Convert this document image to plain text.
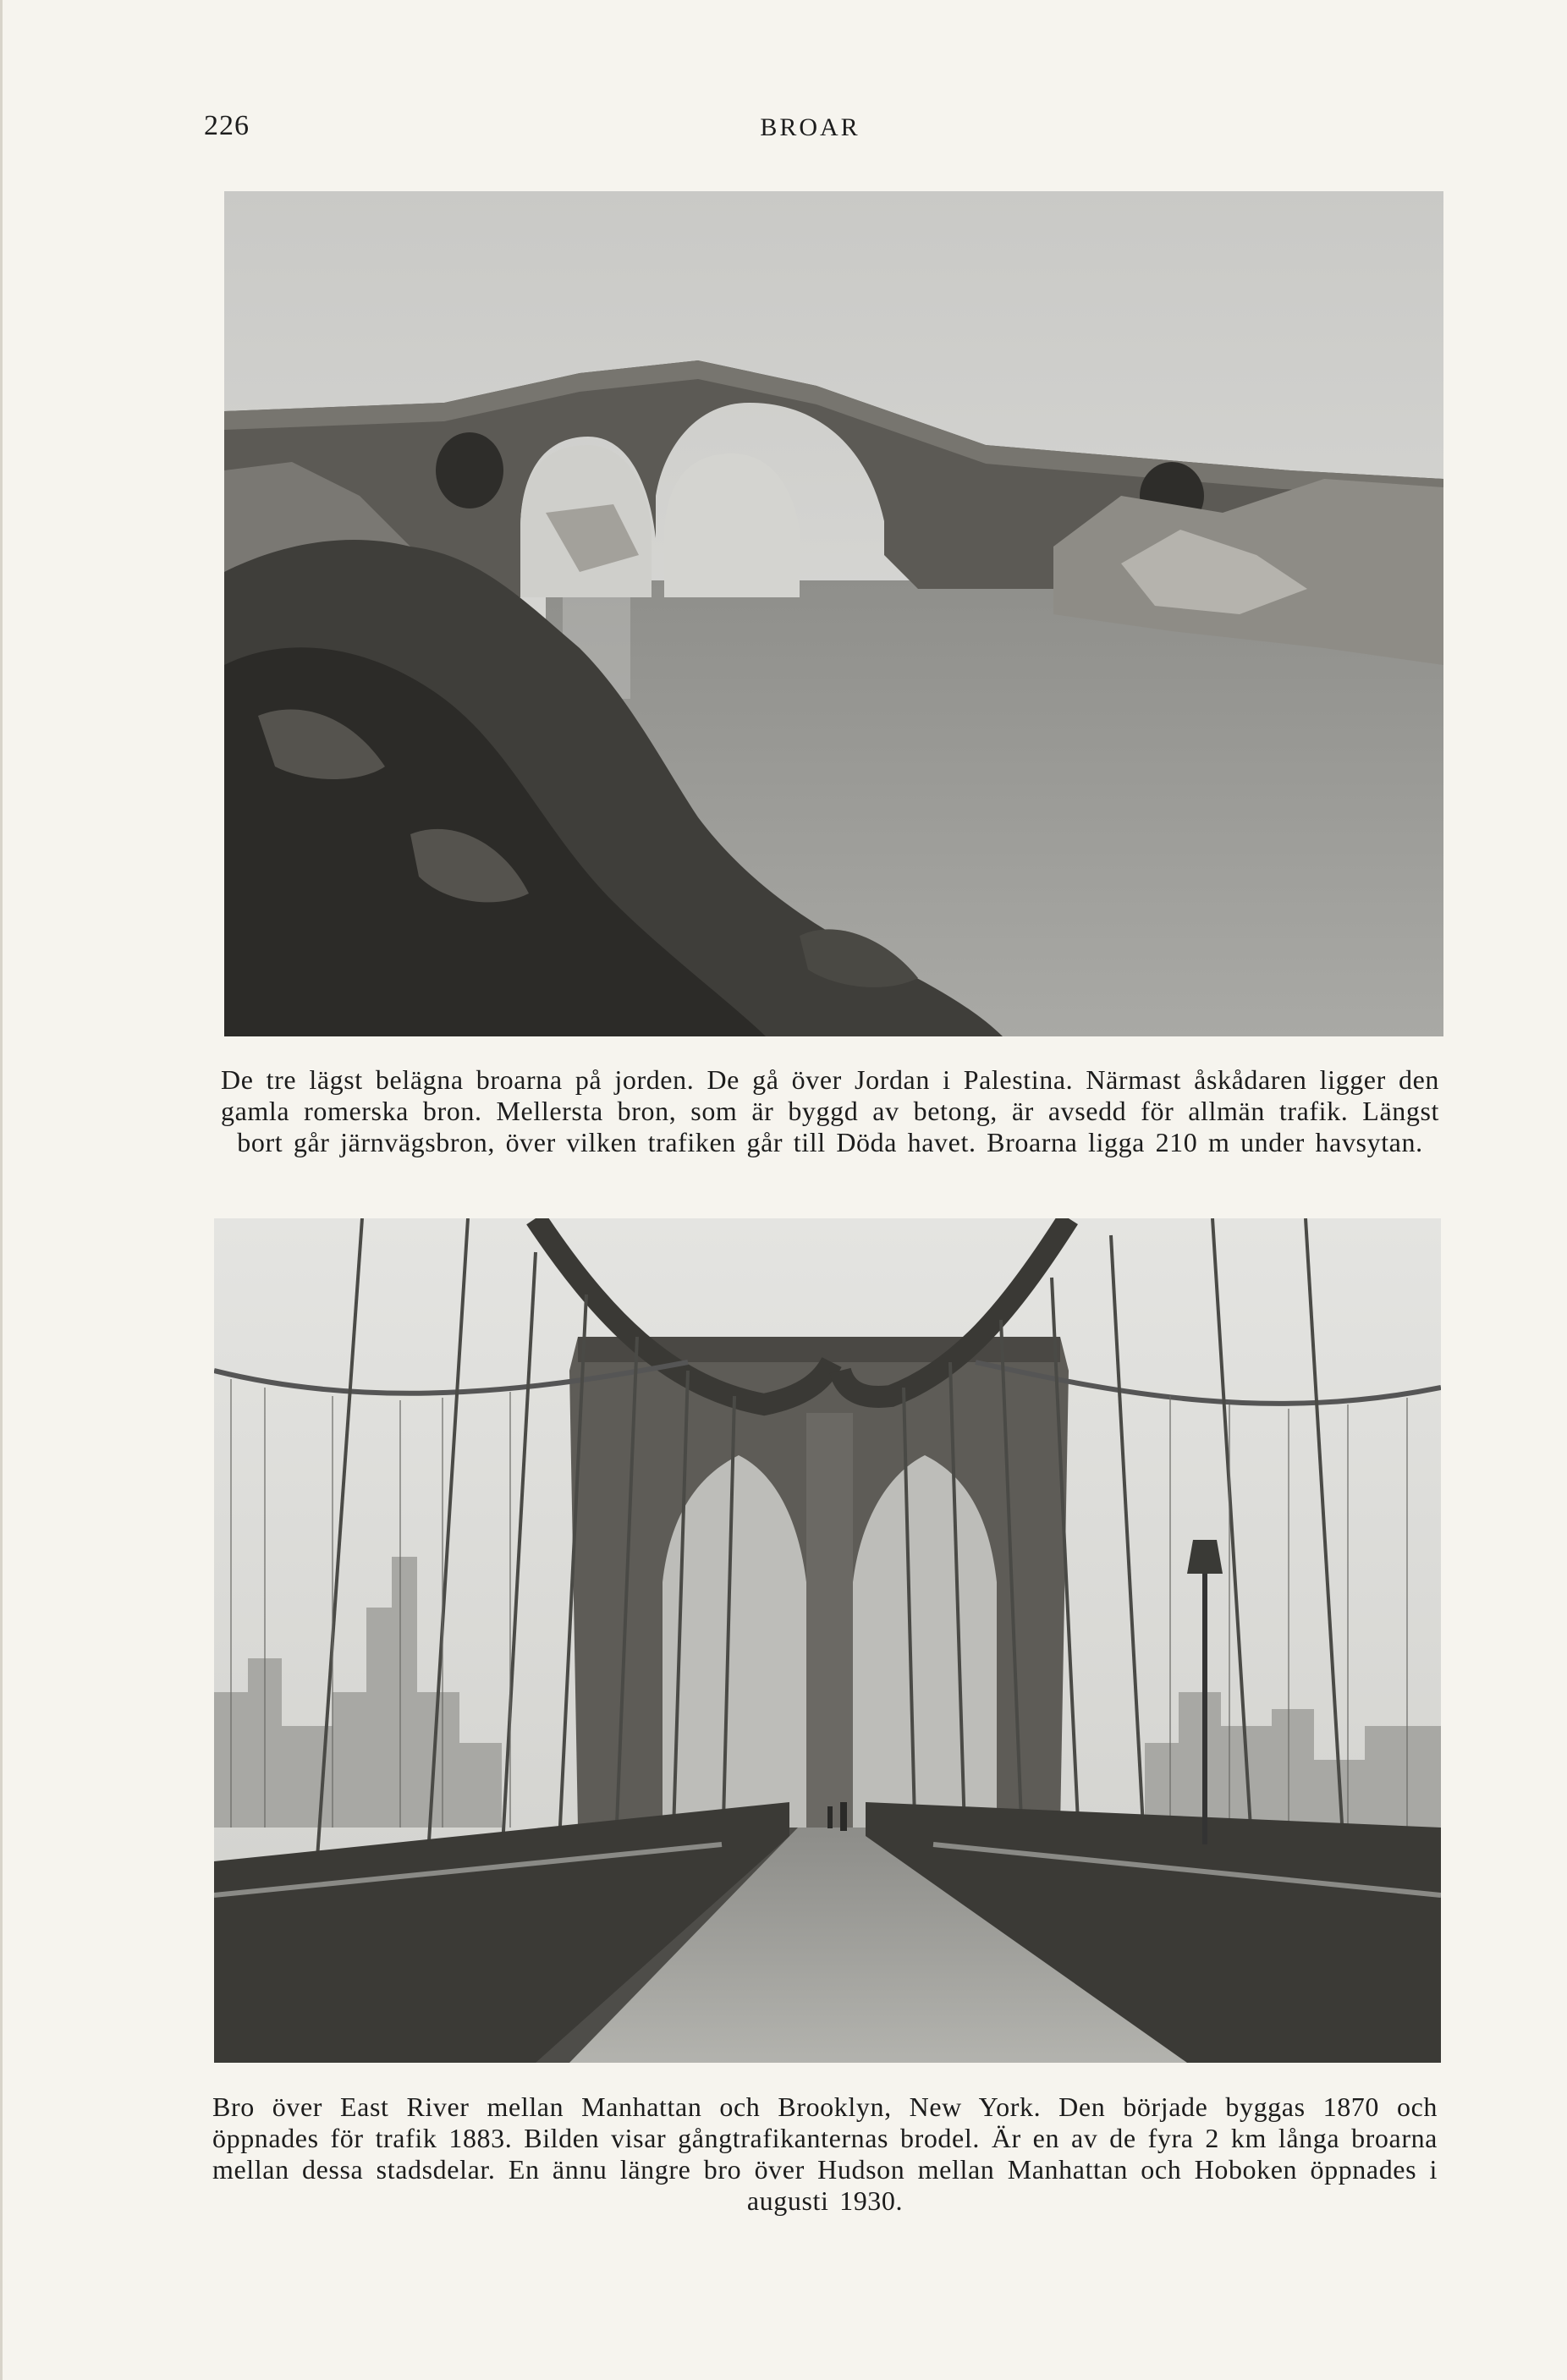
226	BROAR
De tre lägst belägna broarna på jorden. De gå över Jordan i Palestina. Närmast åskådaren ligger den gamla romerska bron. Mellersta bron, som är byggd av betong, är avsedd för allmän trafik. Längst bort går järnvägsbron, över vilken trafiken går till Döda havet. Broarna ligga 210 m under havsytan.
Bro över East River mellan Manhattan och Brooklyn, New York. Den började byggas 1870 och öppnades för trafik 1883. Bilden visar gångtrafikanternas brodel. Är en av de fyra 2 km långa broarna mellan dessa stadsdelar. En ännu längre bro över Hudson mellan Manhattan och Hoboken öppnades i augusti 1930.
